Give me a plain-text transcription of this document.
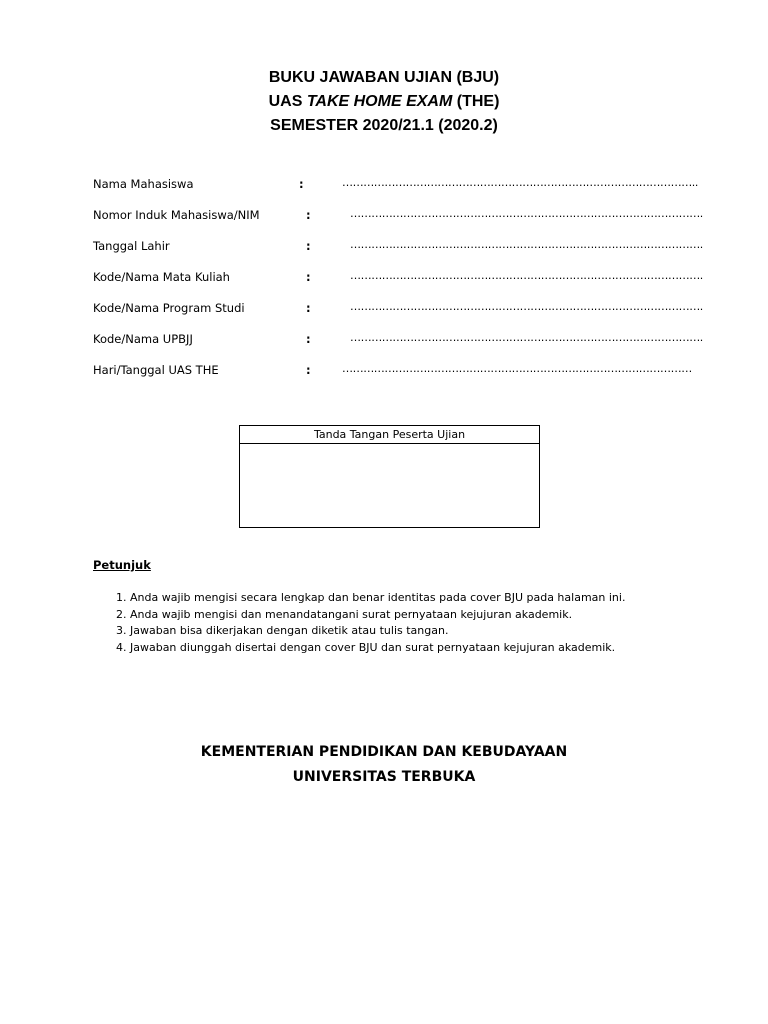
BUKU JAWABAN UJIAN (BJU)

UAS TAKE HOME EXAM (THE)

SEMESTER 2020/21.1 (2020.2)

Nama Mahasiswa	:	………………………………………………………………………………………..
Nomor Induk Mahasiswa/NIM	:	……………………………………………………………………………………….
Tanggal Lahir	:	……………………………………………………………………………………….
Kode/Nama Mata Kuliah	:	……………………………………………………………………………………….
Kode/Nama Program Studi	:	……………………………………………………………………………………….
Kode/Nama UPBJJ	:	……………………………………………………………………………………….
Hari/Tanggal UAS THE	:	………………………………………………………………………………………
Tanda Tangan Peserta Ujian
Petunjuk
1. Anda wajib mengisi secara lengkap dan benar identitas pada cover BJU pada halaman ini.
2. Anda wajib mengisi dan menandatangani surat pernyataan kejujuran akademik.
3. Jawaban bisa dikerjakan dengan diketik atau tulis tangan.
4. Jawaban diunggah disertai dengan cover BJU dan surat pernyataan kejujuran akademik.

KEMENTERIAN PENDIDIKAN DAN KEBUDAYAAN

UNIVERSITAS TERBUKA
